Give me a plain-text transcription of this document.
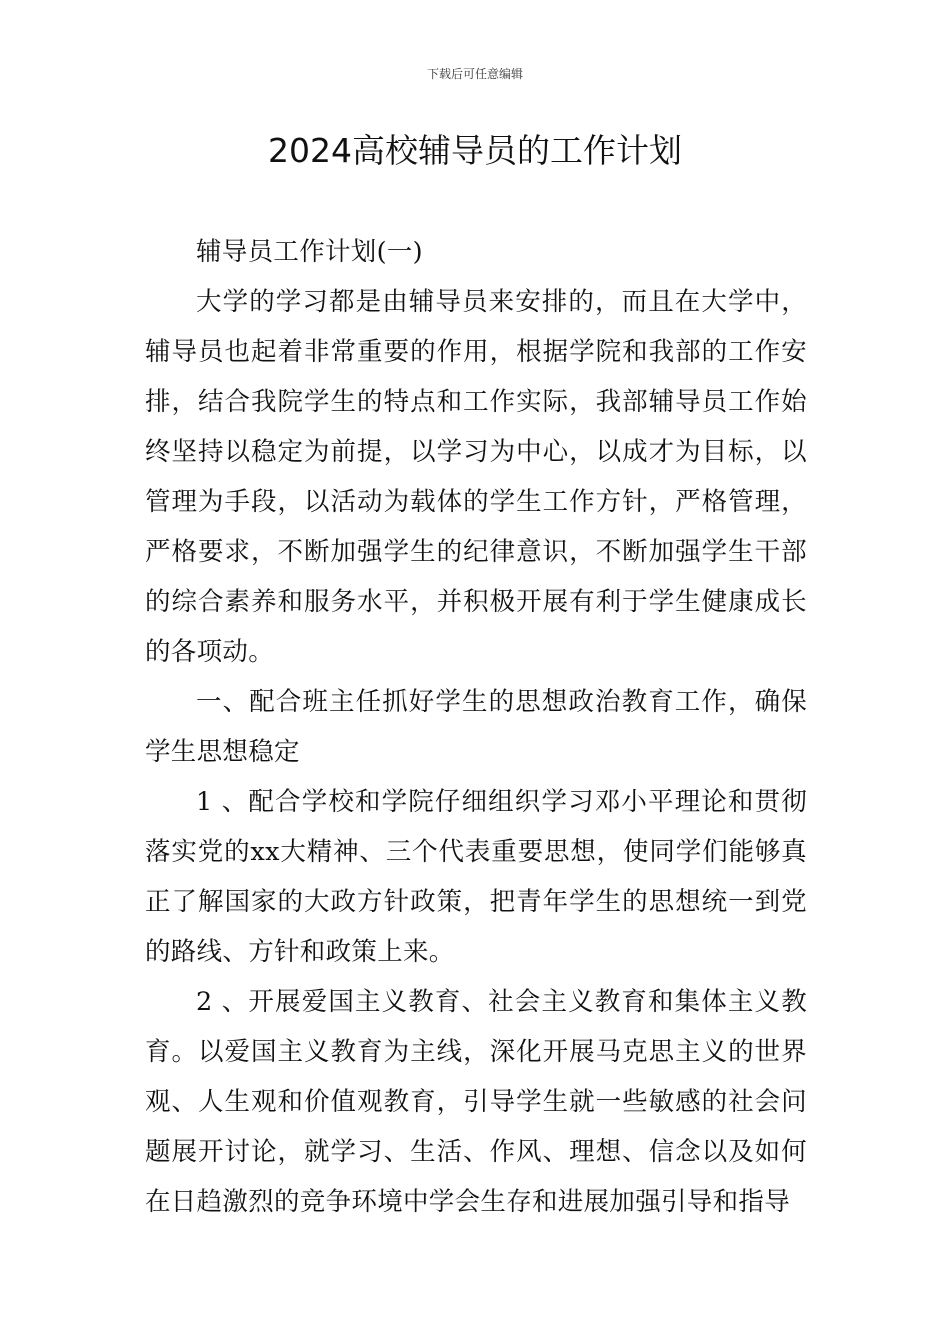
下载后可任意编辑
2024高校辅导员的工作计划

辅导员工作计划(一)

大学的学习都是由辅导员来安排的，而且在大学中，辅导员也起着非常重要的作用，根据学院和我部的工作安排，结合我院学生的特点和工作实际，我部辅导员工作始终坚持以稳定为前提，以学习为中心，以成才为目标，以管理为手段，以活动为载体的学生工作方针，严格管理，严格要求，不断加强学生的纪律意识，不断加强学生干部的综合素养和服务水平，并积极开展有利于学生健康成长的各项动。

一、配合班主任抓好学生的思想政治教育工作，确保学生思想稳定

1 、配合学校和学院仔细组织学习邓小平理论和贯彻落实党的xx大精神、三个代表重要思想，使同学们能够真正了解国家的大政方针政策，把青年学生的思想统一到党的路线、方针和政策上来。

2 、开展爱国主义教育、社会主义教育和集体主义教育。以爱国主义教育为主线，深化开展马克思主义的世界观、人生观和价值观教育，引导学生就一些敏感的社会问题展开讨论，就学习、生活、作风、理想、信念以及如何在日趋激烈的竞争环境中学会生存和进展加强引导和指导
